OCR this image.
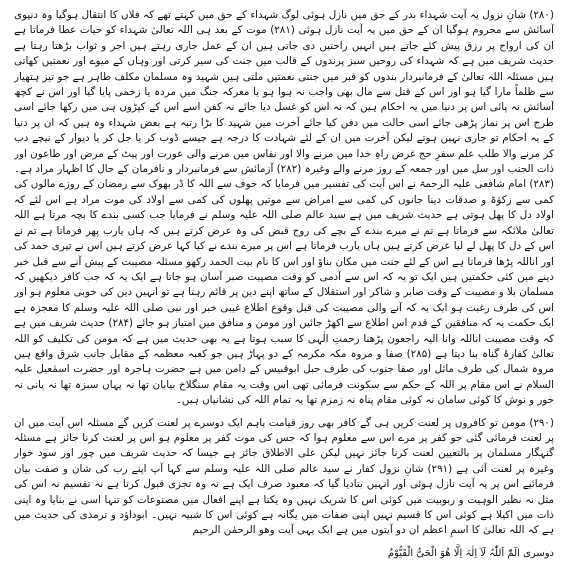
(۲۸۰) شانِ نزول یہ آیت شہداء بدر کے حق میں نازل ہوئی لوگ شہداء کے حق میں کہتے تھے کہ فلاں کا انتقال ہوگیا وہ دنیوی آسائش سے محروم ہوگیا ان کے حق میں یہ آیت نازل ہوئی (۲۸۱) موت کے بعد ہی اللہ تعالیٰ شہداء کو حیات عطا فرماتا ہے ان کی ارواح پر رزق پیش کئے جاتے ہیں انہیں راحتیں دی جاتی ہیں ان کے عمل جاری رہتے ہیں اجر و ثواب بڑھتا رہتا ہے حدیث شریف میں ہے کہ شہداء کی روحیں سبز پرندوں کے قالب میں جنت کی سیر کرتی اور وہاں کے میوے اور نعمتیں کھاتی ہیں مسئلہ اللہ تعالیٰ کے فرمانبردار بندوں کو قبر میں جنتی نعمتیں ملتی ہیں شہید وہ مسلمان مکلف طاہر ہے جو تیز ہتھیار سے ظلماً مارا گیا ہو اور اس کے قتل سے مال بھی واجب نہ ہوا ہو یا معرکہ جنگ میں مردہ یا زخمی پایا گیا اور اس نے کچھ آسائش نہ پائی اس پر دنیا میں یہ احکام ہیں کہ نہ اس کو غسل دیا جائے نہ کفن اسے اس کے کپڑوں ہی میں رکھا جائے اسی طرح اس پر نماز پڑھی جائے اسی حالت میں دفن کیا جائے آخرت میں شہید کا بڑا رتبہ ہے بعض شہداء وہ ہیں کہ ان پر دنیا کے یہ احکام تو جاری نہیں ہوتے لیکن آخرت میں ان کے لئے شہادت کا درجہ ہے جیسے ڈوب کر یا جل کر یا دیوار کے نیچے دب کر مرنے والا طلب علم سفرِ حج غرض راہِ خدا میں مرنے والا اور نفاس میں مرنے والی عورت اور پیٹ کے مرض اور طاعون اور ذات الجنب اور سل میں اور جمعہ کے روز مرنے والے وغیرہ (۲۸۲) آزمائش سے فرمانبردار و نافرمان کے حال کا اظہار مراد ہے۔ (۲۸۳) امام شافعی علیہ الرحمۃ نے اس آیت کی تفسیر میں فرمایا کہ خوف سے اللہ کا ڈر بھوک سے رمضان کے روزے مالوں کی کمی سے زکوٰۃ و صدقات دینا جانوں کی کمی سے امراض سے موتیں پھلوں کی کمی سے اولاد کی موت مراد ہے اس لئے کہ اولاد دل کا پھل ہوتی ہے حدیث شریف میں ہے سید عالم صلی اللہ علیہ وسلم نے فرمایا جب کسی بندے کا بچہ مرتا ہے اللہ تعالیٰ ملائکہ سے فرماتا ہے تم نے میرے بندے کے بچے کی روح قبض کی وہ عرض کرتے ہیں کہ ہاں یارب پھر فرماتا ہے تم نے اس کے دل کا پھل لے لیا عرض کرتے ہیں ہاں یارب فرماتا ہے اس پر میرے بندے نے کیا کہا عرض کرتے ہیں اس نے تیری حمد کی اور اناللہ پڑھا فرماتا ہے اس کے لئے جنت میں مکان بناؤ اور اس کا نام بیت الحمد رکھو مسئلہ مصیبت کے پیش آنے سے قبل خبر دینے میں کئی حکمتیں ہیں ایک تو یہ کہ اس سے آدمی کو وقت مصیبت صبر آسان ہو جاتا ہے ایک یہ کہ جب کافر دیکھیں کہ مسلمان بلا و مصیبت کے وقت صابر و شاکر اور استقلال کے ساتھ اپنے دین پر قائم رہتا ہے تو انہیں دین کی خوبی معلوم ہو اور اس کی طرف رغبت ہو ایک یہ کہ آنے والی مصیبت کی قبل وقوع اطلاع غیبی خبر اور نبی صلی اللہ علیہ وسلم کا معجزہ ہے ایک حکمت یہ کہ منافقین کے قدم اس اطلاع سے اکھڑ جائیں اور مومن و منافق میں امتیاز ہو جائے (۲۸۴) حدیث شریف میں ہے کہ وقت مصیبت اناللہ وانا الیہ راجعون پڑھنا رحمتِ الٰہی کا سبب ہوتا ہے یہ بھی حدیث میں ہے کہ مومن کی تکلیف کو اللہ تعالیٰ کفارۂ گناہ بنا دیتا ہے (۲۸۵) صفا و مروہ مکہ مکرمہ کے دو پہاڑ ہیں جو کعبہ معظمہ کے مقابل جانب شرق واقع ہیں مروہ شمال کی طرف مائل اور صفا جنوب کی طرف جبل ابوقبیس کے دامن میں ہے حضرت ہاجرہ اور حضرت اسمٰعیل علیہ السلام نے اس مقام پر اللہ کے حکم سے سکونت فرمائی تھی اس وقت یہ مقام سنگلاخ بیابان تھا نہ یہاں سبزہ تھا نہ پانی نہ خور و نوش کا کوئی سامان نہ کوئی مقام پناہ نہ زمزم تھا یہ تمام اللہ کی نشانیاں ہیں۔

(۲۹۰) مومن تو کافروں پر لعنت کریں ہی گے کافر بھی روز قیامت باہم ایک دوسرے پر لعنت کریں گے مسئلہ اس آیت میں ان پر لعنت فرمائی گئی جو کفر پر مرے اس سے معلوم ہوا کہ جس کی موت کفر پر معلوم ہو اس پر لعنت کرنا جائز ہے مسئلہ گنہگار مسلمان پر بالتعیین لعنت کرنا جائز نہیں لیکن علی الاطلاق جائز ہے جیسا کہ حدیث شریف میں چور اور سود خوار وغیرہ پر لعنت آئی ہے (۲۹۱) شانِ نزول کفار نے سید عالم صلی اللہ علیہ وسلم سے کہا آپ اپنے رب کی شان و صفت بیان فرمائیے اس پر یہ آیت نازل ہوئی اور انہیں بتادیا گیا کہ معبود صرف ایک ہے نہ وہ تجزی قبول کرتا ہے نہ تقسیم نہ اس کی مثل نہ نظیر الوہیت و ربوبیت میں کوئی اس کا شریک نہیں وہ یکتا ہے اپنے افعال میں مصنوعات کو تنہا اسی نے بنایا وہ اپنی ذات میں اکیلا ہے کوئی اس کا قسیم نہیں اپنی صفات میں یگانہ ہے کوئی اس کا شبیہ نہیں۔ ابوداؤد و ترمذی کی حدیث میں ہے کہ اللہ تعالیٰ کا اسمِ اعظم ان دو آیتوں میں ہے ایک یہی آیت وھو الرحمٰن الرحیم

دوسری الٓمّٓ اَللّٰہُ لَآ اِلٰہَ اِلَّا ھُوَ الْحَیُّ الْقَیُّوْمُ
